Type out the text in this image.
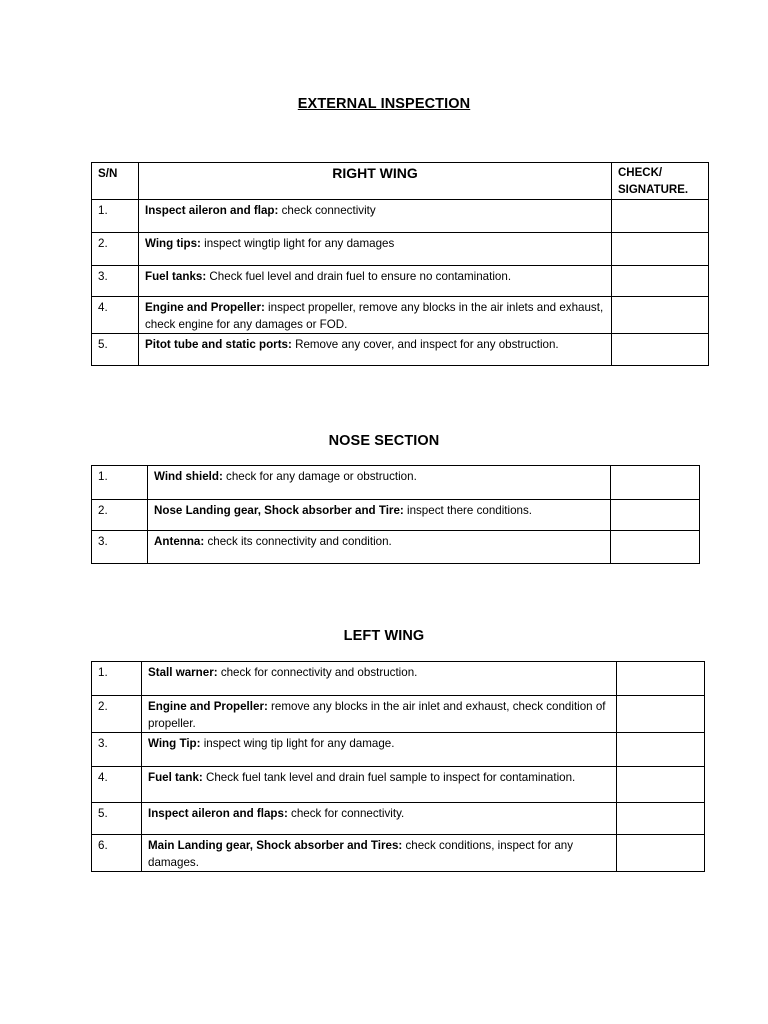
EXTERNAL INSPECTION
S/N	RIGHT WING	CHECK/ SIGNATURE.
1.	Inspect aileron and flap: check connectivity	
2.	Wing tips: inspect wingtip light for any damages	
3.	Fuel tanks: Check fuel level and drain fuel to ensure no contamination.	
4.	Engine and Propeller: inspect propeller, remove any blocks in the air inlets and exhaust, check engine for any damages or FOD.	
5.	Pitot tube and static ports: Remove any cover, and inspect for any obstruction.	
NOSE SECTION
1.	Wind shield: check for any damage or obstruction.	
2.	Nose Landing gear, Shock absorber and Tire: inspect there conditions.	
3.	Antenna: check its connectivity and condition.	
LEFT WING
1.	Stall warner: check for connectivity and obstruction.	
2.	Engine and Propeller: remove any blocks in the air inlet and exhaust, check condition of propeller.	
3.	Wing Tip: inspect wing tip light for any damage.	
4.	Fuel tank: Check fuel tank level and drain fuel sample to inspect for contamination.	
5.	Inspect aileron and flaps: check for connectivity.	
6.	Main Landing gear, Shock absorber and Tires: check conditions, inspect for any damages.	
